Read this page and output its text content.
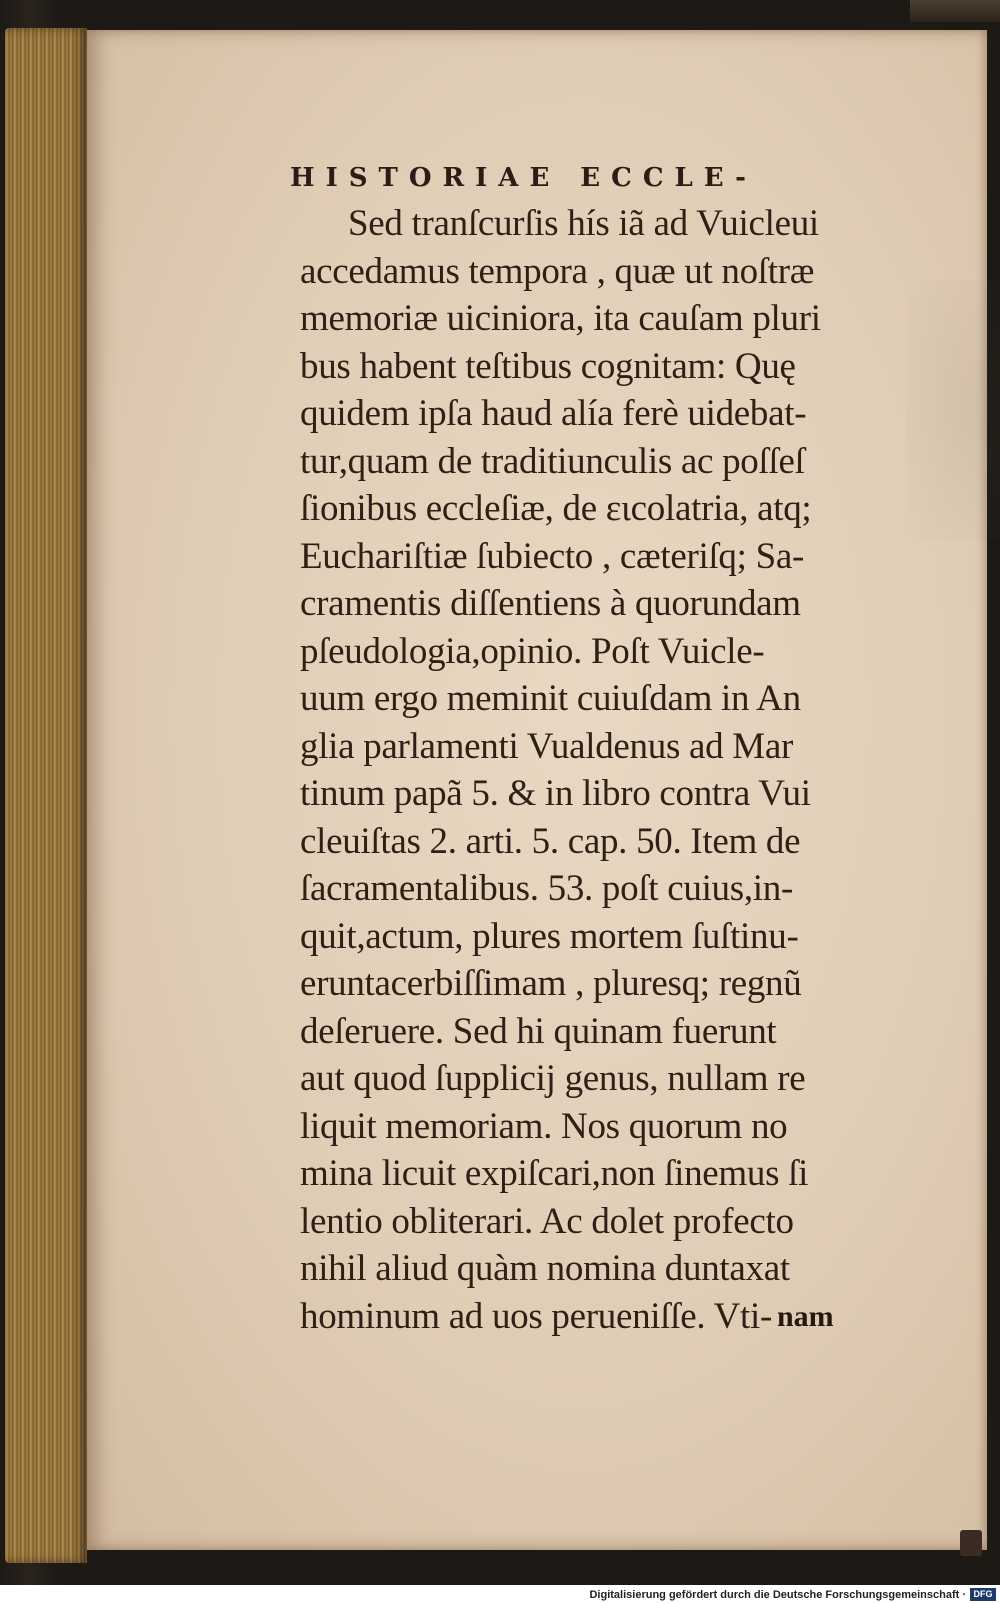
HISTORIAE ECCLE-
Sed tranſcurſis hís iã ad Vuicleui
accedamus tempora , quæ ut noſtræ
memoriæ uiciniora, ita cauſam pluri
bus habent teſtibus cognitam: Quę
quidem ipſa haud alía ferè uidebat-
tur,quam de traditiunculis ac poſſeſ
ſionibus eccleſiæ, de ειcolatria, atq;
Euchariſtiæ ſubiecto , cæteriſq; Sa-
cramentis diſſentiens à quorundam
pſeudologia,opinio. Poſt Vuicle-
uum ergo meminit cuiuſdam in An
glia parlamenti Vualdenus ad Mar
tinum papã 5. & in libro contra Vui
cleuiſtas 2. arti. 5. cap. 50. Item de
ſacramentalibus. 53. poſt cuius,in-
quit,actum, plures mortem ſuſtinu-
eruntacerbiſſimam , pluresq; regnũ
deſeruere. Sed hi quinam fuerunt
aut quod ſupplicij genus, nullam re
liquit memoriam. Nos quorum no
mina licuit expiſcari,non ſinemus ſi
lentio obliterari. Ac dolet profecto
nihil aliud quàm nomina duntaxat
hominum ad uos perueniſſe. Vti- nam
Digitalisierung gefördert durch die Deutsche Forschungsgemeinschaft · DFG
